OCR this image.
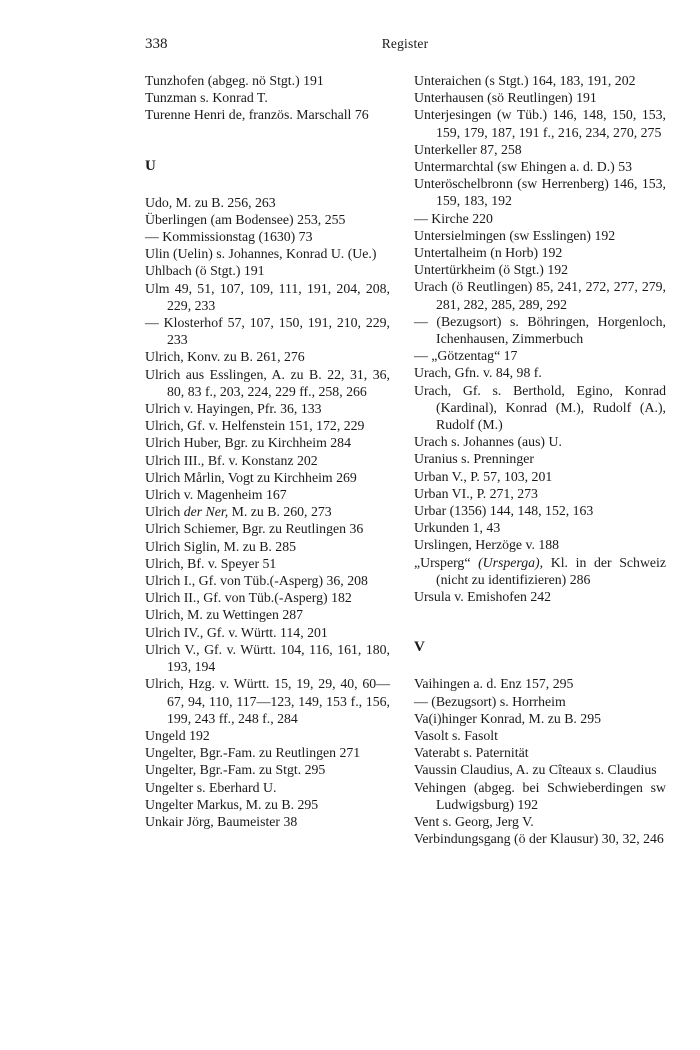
338	Register

Tunzhofen (abgeg. nö Stgt.) 191

Tunzman s. Konrad T.

Turenne Henri de, französ. Marschall 76

U

Udo, M. zu B. 256, 263

Überlingen (am Bodensee) 253, 255

— Kommissionstag (1630) 73

Ulin (Uelin) s. Johannes, Konrad U. (Ue.)

Uhlbach (ö Stgt.) 191

Ulm 49, 51, 107, 109, 111, 191, 204, 208, 229, 233

— Klosterhof 57, 107, 150, 191, 210, 229, 233

Ulrich, Konv. zu B. 261, 276

Ulrich aus Esslingen, A. zu B. 22, 31, 36, 80, 83 f., 203, 224, 229 ff., 258, 266

Ulrich v. Hayingen, Pfr. 36, 133

Ulrich, Gf. v. Helfenstein 151, 172, 229

Ulrich Huber, Bgr. zu Kirchheim 284

Ulrich III., Bf. v. Konstanz 202

Ulrich Mårlin, Vogt zu Kirchheim 269

Ulrich v. Magenheim 167

Ulrich der Ner, M. zu B. 260, 273

Ulrich Schiemer, Bgr. zu Reutlingen 36

Ulrich Siglin, M. zu B. 285

Ulrich, Bf. v. Speyer 51

Ulrich I., Gf. von Tüb.(-Asperg) 36, 208

Ulrich II., Gf. von Tüb.(-Asperg) 182

Ulrich, M. zu Wettingen 287

Ulrich IV., Gf. v. Württ. 114, 201

Ulrich V., Gf. v. Württ. 104, 116, 161, 180, 193, 194

Ulrich, Hzg. v. Württ. 15, 19, 29, 40, 60—67, 94, 110, 117—123, 149, 153 f., 156, 199, 243 ff., 248 f., 284

Ungeld 192

Ungelter, Bgr.-Fam. zu Reutlingen 271

Ungelter, Bgr.-Fam. zu Stgt. 295

Ungelter s. Eberhard U.

Ungelter Markus, M. zu B. 295

Unkair Jörg, Baumeister 38

Unteraichen (s Stgt.) 164, 183, 191, 202

Unterhausen (sö Reutlingen) 191

Unterjesingen (w Tüb.) 146, 148, 150, 153, 159, 179, 187, 191 f., 216, 234, 270, 275

Unterkeller 87, 258

Untermarchtal (sw Ehingen a. d. D.) 53

Unteröschelbronn (sw Herrenberg) 146, 153, 159, 183, 192

— Kirche 220

Untersielmingen (sw Esslingen) 192

Untertalheim (n Horb) 192

Untertürkheim (ö Stgt.) 192

Urach (ö Reutlingen) 85, 241, 272, 277, 279, 281, 282, 285, 289, 292

— (Bezugsort) s. Böhringen, Horgenloch, Ichenhausen, Zimmerbuch

— „Götzentag“ 17

Urach, Gfn. v. 84, 98 f.

Urach, Gf. s. Berthold, Egino, Konrad (Kardinal), Konrad (M.), Rudolf (A.), Rudolf (M.)

Urach s. Johannes (aus) U.

Uranius s. Prenninger

Urban V., P. 57, 103, 201

Urban VI., P. 271, 273

Urbar (1356) 144, 148, 152, 163

Urkunden 1, 43

Urslingen, Herzöge v. 188

„Ursperg“ (Ursperga), Kl. in der Schweiz (nicht zu identifizieren) 286

Ursula v. Emishofen 242

V

Vaihingen a. d. Enz 157, 295

— (Bezugsort) s. Horrheim

Va(i)hinger Konrad, M. zu B. 295

Vasolt s. Fasolt

Vaterabt s. Paternität

Vaussin Claudius, A. zu Cîteaux s. Claudius

Vehingen (abgeg. bei Schwieberdingen sw Ludwigsburg) 192

Vent s. Georg, Jerg V.

Verbindungsgang (ö der Klausur) 30, 32, 246
